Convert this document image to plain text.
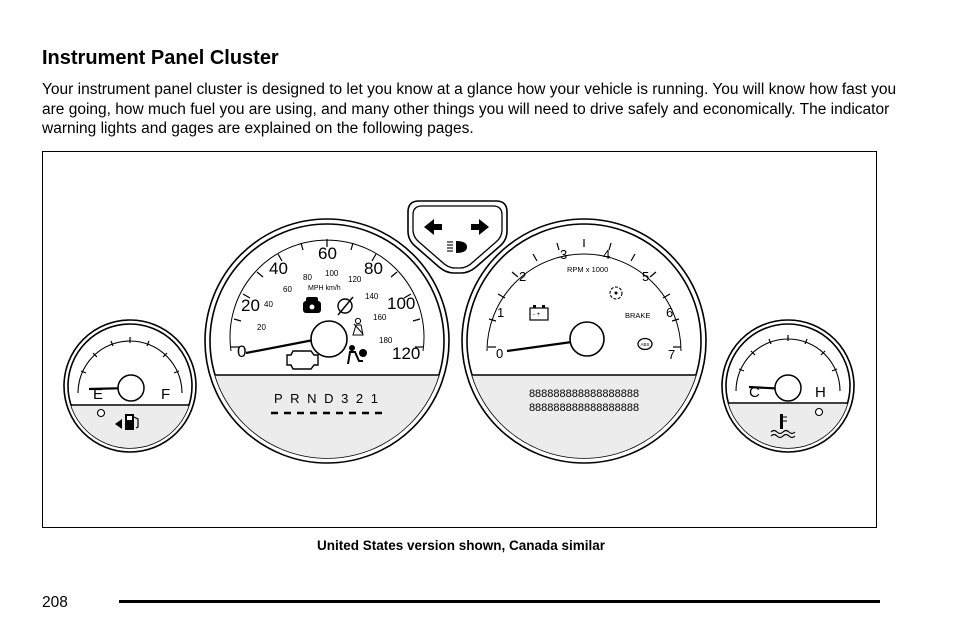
Instrument Panel Cluster

Your instrument panel cluster is designed to let you know at a glance how your vehicle is running. You will know how fast you are going, how much fuel you are using, and many other things you will need to drive safely and economically. The indicator warning lights and gages are explained on the following pages.

E	F
0
20
40
60
80
100
120
20
40
60
80 100
120
140
160
180
MPH km/h
P R N D 3 2 1
0
1
2
3	4
5
6
7
RPM x 1000
BRAKE
- +
ABS
888888888888888888
888888888888888888
C	H
United States version shown, Canada similar
208
